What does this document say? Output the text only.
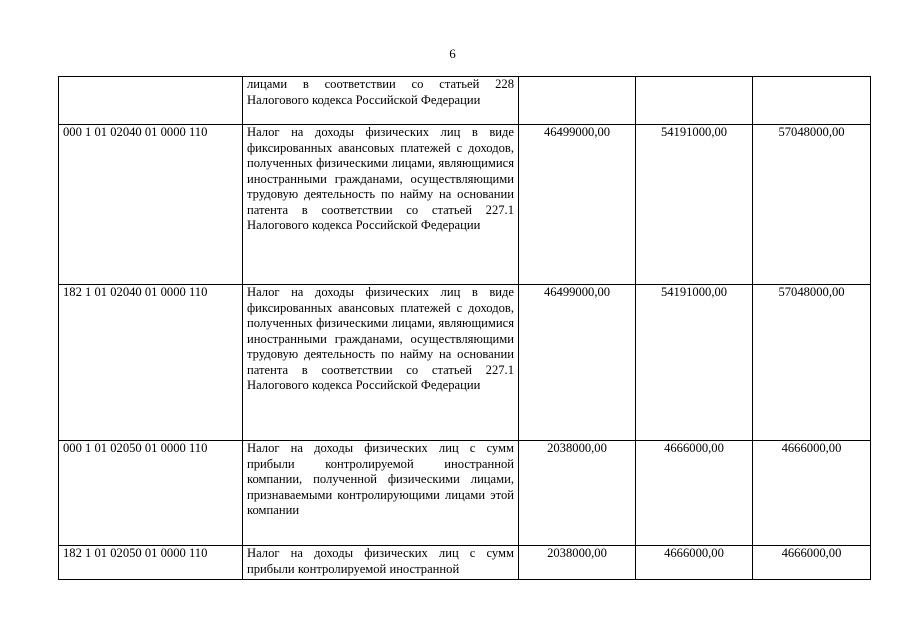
6
	лицами в соответствии со статьей 228 Налогового кодекса Российской Федерации			
000 1 01 02040 01 0000 110	Налог на доходы физических лиц в виде фиксированных авансовых платежей с доходов, полученных физическими лицами, являющимися иностранными гражданами, осуществляющими трудовую деятельность по найму на основании патента в соответствии со статьей 227.1 Налогового кодекса Российской Федерации	46499000,00	54191000,00	57048000,00
182 1 01 02040 01 0000 110	Налог на доходы физических лиц в виде фиксированных авансовых платежей с доходов, полученных физическими лицами, являющимися иностранными гражданами, осуществляющими трудовую деятельность по найму на основании патента в соответствии со статьей 227.1 Налогового кодекса Российской Федерации	46499000,00	54191000,00	57048000,00
000 1 01 02050 01 0000 110	Налог на доходы физических лиц с сумм прибыли контролируемой иностранной компании, полученной физическими лицами, признаваемыми контролирующими лицами этой компании	2038000,00	4666000,00	4666000,00
182 1 01 02050 01 0000 110	Налог на доходы физических лиц с сумм прибыли контролируемой иностранной	2038000,00	4666000,00	4666000,00
